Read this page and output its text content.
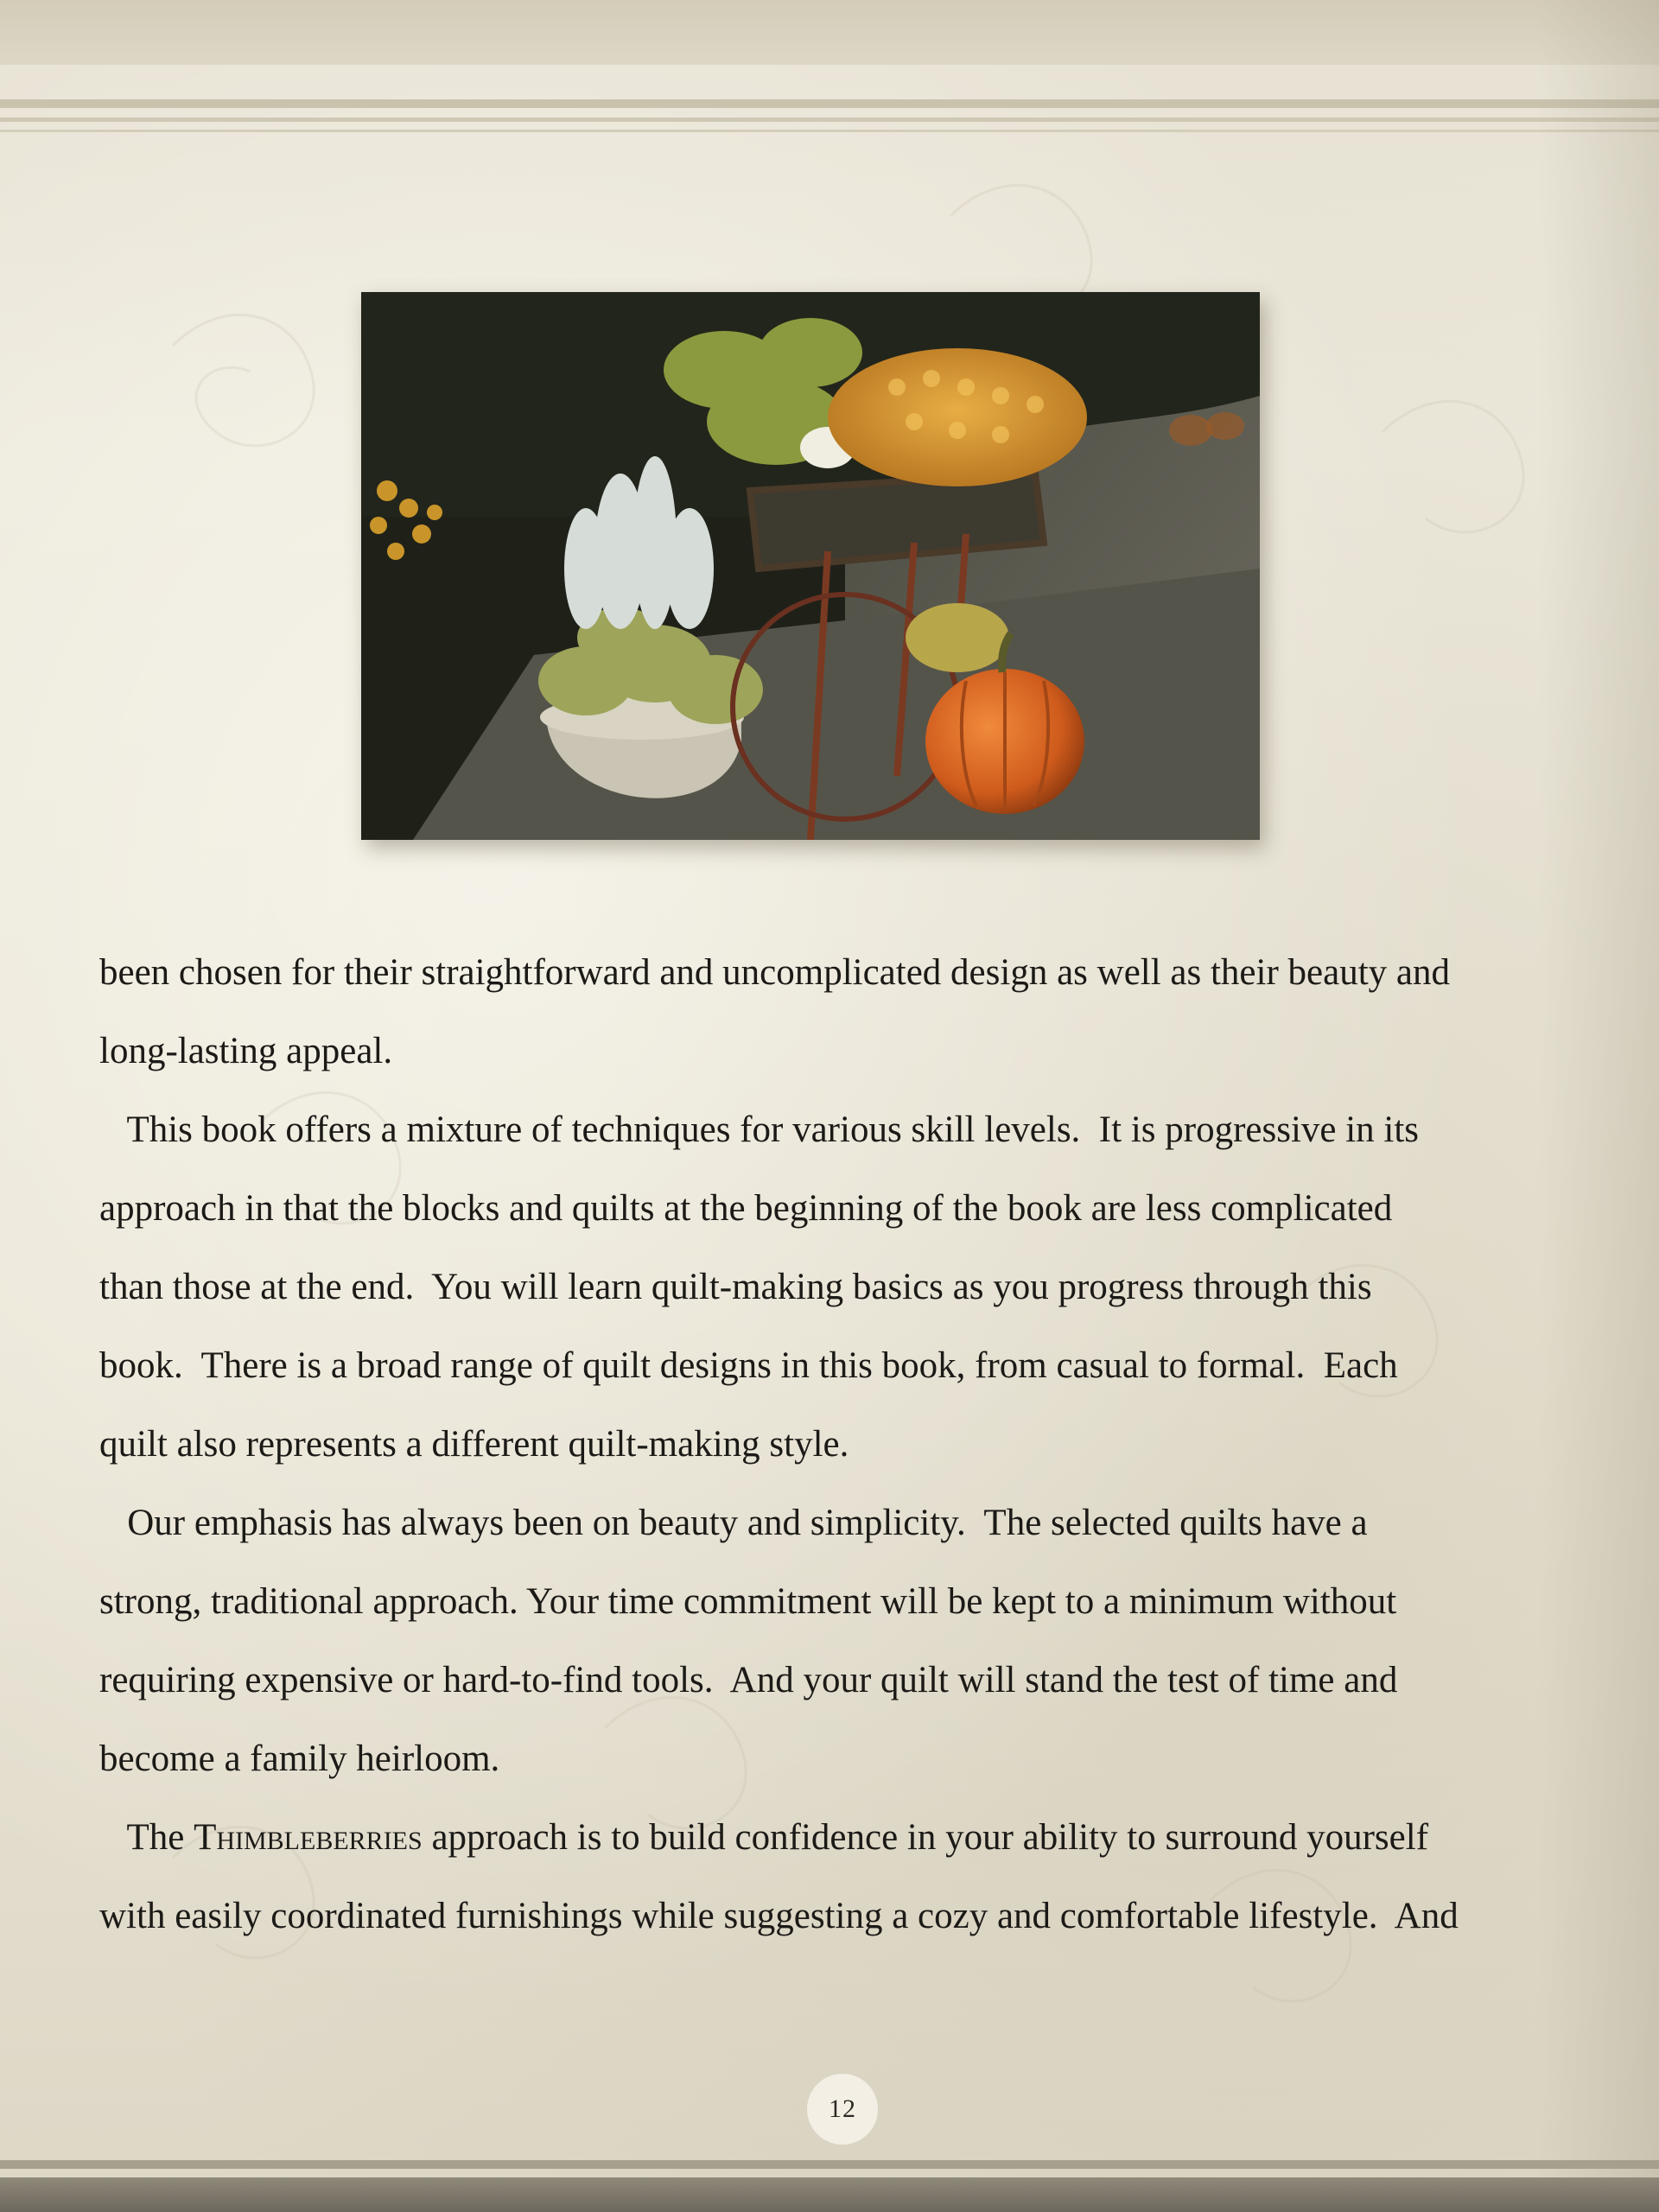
been chosen for their straightforward and uncomplicated design as well as their beauty and

long-lasting appeal.

This book offers a mixture of techniques for various skill levels.  It is progressive in its

approach in that the blocks and quilts at the beginning of the book are less complicated

than those at the end.  You will learn quilt-making basics as you progress through this

book.  There is a broad range of quilt designs in this book, from casual to formal.  Each

quilt also represents a different quilt-making style.

Our emphasis has always been on beauty and simplicity.  The selected quilts have a

strong, traditional approach. Your time commitment will be kept to a minimum without

requiring expensive or hard-to-find tools.  And your quilt will stand the test of time and

become a family heirloom.

The Thimbleberries approach is to build confidence in your ability to surround yourself

with easily coordinated furnishings while suggesting a cozy and comfortable lifestyle.  And

12
